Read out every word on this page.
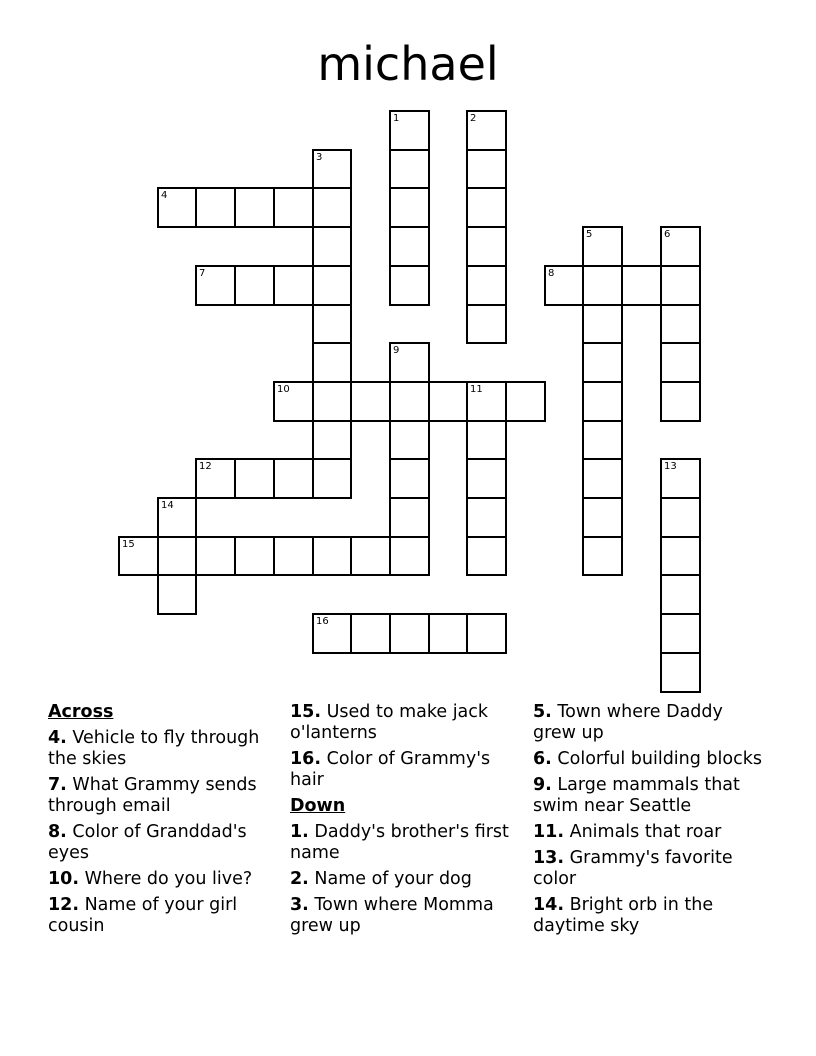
michael
1	2
3
4
5	6
7	8
9
10	11
12	13
14
15
16
Across
4. Vehicle to fly through the skies
7. What Grammy sends through email
8. Color of Granddad's eyes
10. Where do you live?
12. Name of your girl cousin
15. Used to make jack o'lanterns
16. Color of Grammy's hair
Down
1. Daddy's brother's first name
2. Name of your dog
3. Town where Momma grew up
5. Town where Daddy grew up
6. Colorful building blocks
9. Large mammals that swim near Seattle
11. Animals that roar
13. Grammy's favorite color
14. Bright orb in the daytime sky
